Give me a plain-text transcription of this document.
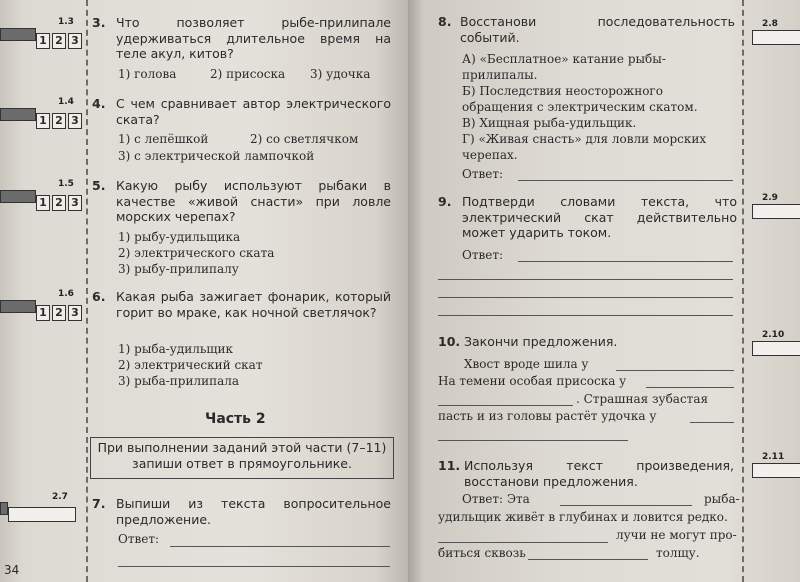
1.3
1 2 3
3. Что позволяет рыбе-прилипале удерживаться длительное время на теле акул, китов?
1) голова	2) присоска 3) удочка
1.4
1 2 3
4. С чем сравнивает автор электрического ската?
1) с лепёшкой	2) со светлячком
3) с электрической лампочкой
1.5
1 2 3
5. Какую рыбу используют рыбаки в качестве «живой снасти» при ловле морских черепах?
1) рыбу-удильщика
2) электрического ската
3) рыбу-прилипалу
1.6
1 2 3
6. Какая рыба зажигает фонарик, который горит во мраке, как ночной светлячок?
1) рыба-удильщик
2) электрический скат
3) рыба-прилипала
Часть 2
При выполнении заданий этой части (7–11) запиши ответ в прямоугольнике.
2.7 7. Выпиши из текста вопросительное предложение.
Ответ:
34
8. Восстанови последовательность событий.
А) «Бесплатное» катание рыбы-прилипалы.
Б) Последствия неосторожного обращения с электрическим скатом.
В) Хищная рыба-удильщик.
Г) «Живая снасть» для ловли морских черепах.
Ответ:
2.8
9. Подтверди словами текста, что электрический скат действительно может ударить током.
Ответ:
2.9
10. Закончи предложения.
Хвост вроде шила у
На темени особая присоска у
. Страшная зубастая
пасть и из головы растёт удочка у
2.10
11. Используя текст произведения, восстанови предложения.
Ответ: Эта	рыба-
удильщик живёт в глубинах и ловится редко.
лучи не могут про-
биться сквозь	толщу.
2.11
